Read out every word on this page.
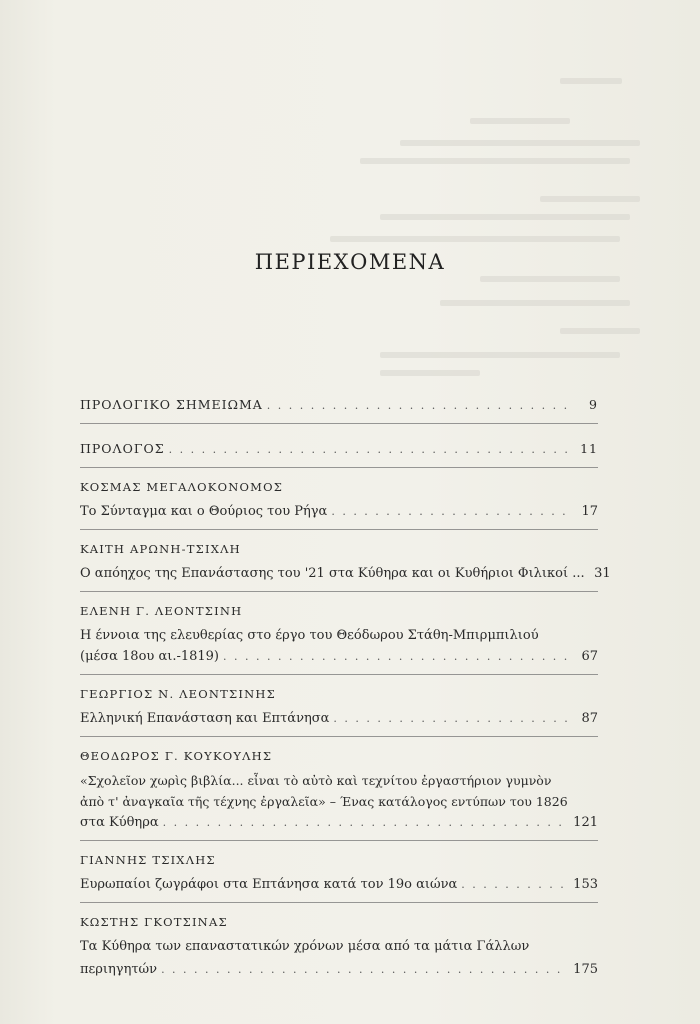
ΠΕΡΙΕΧΟΜΕΝΑ
ΠΡΟΛΟΓΙΚΟ ΣΗΜΕΙΩΜΑ . . .	9
ΠΡΟΛΟΓΟΣ . . .	11
ΚΟΣΜΑΣ ΜΕΓΑΛΟΚΟΝΟΜΟΣ
Το Σύνταγμα και ο Θούριος του Ρήγα . . .	17
ΚΑΙΤΗ ΑΡΩΝΗ-ΤΣΙΧΛΗ
Ο απόηχος της Επανάστασης του '21 στα Κύθηρα και οι Κυθήριοι Φιλικοί ... 31
ΕΛΕΝΗ Γ. ΛΕΟΝΤΣΙΝΗ
Η έννοια της ελευθερίας στο έργο του Θεόδωρου Στάθη-Μπιρμπιλιού
(μέσα 18ου αι.-1819) . . .	67
ΓΕΩΡΓΙΟΣ Ν. ΛΕΟΝΤΣΙΝΗΣ
Ελληνική Επανάσταση και Επτάνησα . . .	87
ΘΕΟΔΩΡΟΣ Γ. ΚΟΥΚΟΥΛΗΣ
«Σχολεῖον χωρὶς βιβλία... εἶναι τὸ αὐτὸ καὶ τεχνίτου ἐργαστήριον γυμνὸν
ἀπὸ τ' ἀναγκαῖα τῆς τέχνης ἐργαλεῖα» – Ένας κατάλογος εντύπων του 1826
στα Κύθηρα . . .	121
ΓΙΑΝΝΗΣ ΤΣΙΧΛΗΣ
Ευρωπαίοι ζωγράφοι στα Επτάνησα κατά τον 19ο αιώνα . . .	153
ΚΩΣΤΗΣ ΓΚΟΤΣΙΝΑΣ
Τα Κύθηρα των επαναστατικών χρόνων μέσα από τα μάτια Γάλλων
περιηγητών . . .	175
